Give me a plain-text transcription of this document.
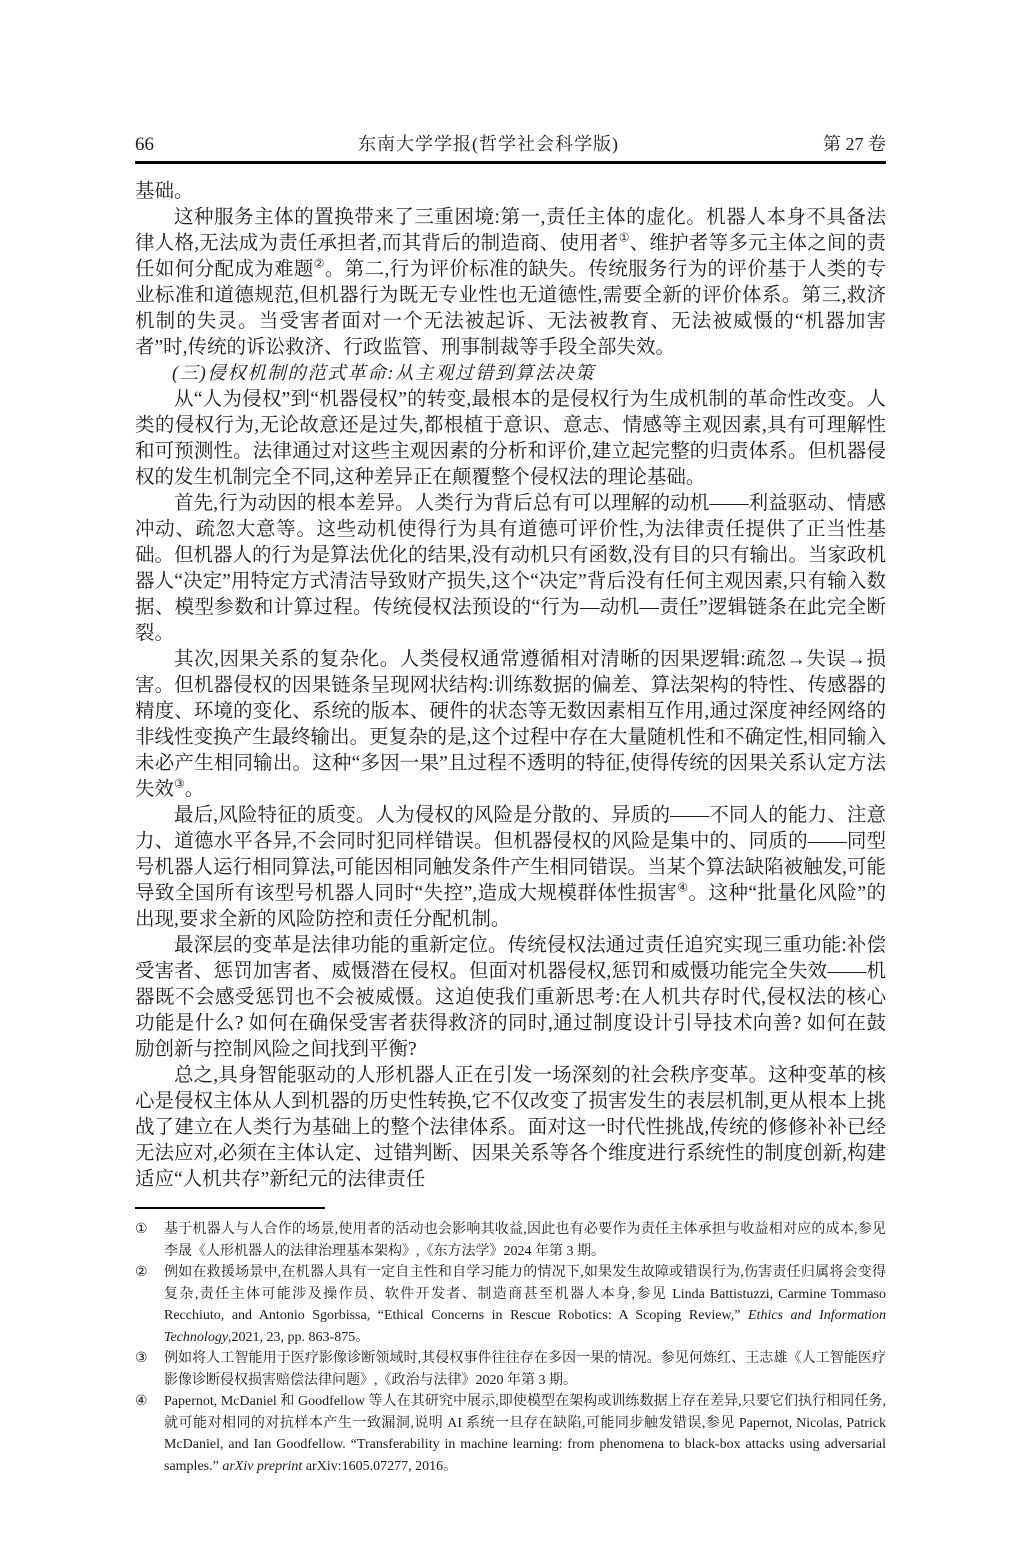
66	东南大学学报(哲学社会科学版)	第 27 卷

基础。

这种服务主体的置换带来了三重困境:第一,责任主体的虚化。机器人本身不具备法律人格,无法成为责任承担者,而其背后的制造商、使用者①、维护者等多元主体之间的责任如何分配成为难题②。第二,行为评价标准的缺失。传统服务行为的评价基于人类的专业标准和道德规范,但机器行为既无专业性也无道德性,需要全新的评价体系。第三,救济机制的失灵。当受害者面对一个无法被起诉、无法被教育、无法被威慑的“机器加害者”时,传统的诉讼救济、行政监管、刑事制裁等手段全部失效。

(三)侵权机制的范式革命:从主观过错到算法决策

从“人为侵权”到“机器侵权”的转变,最根本的是侵权行为生成机制的革命性改变。人类的侵权行为,无论故意还是过失,都根植于意识、意志、情感等主观因素,具有可理解性和可预测性。法律通过对这些主观因素的分析和评价,建立起完整的归责体系。但机器侵权的发生机制完全不同,这种差异正在颠覆整个侵权法的理论基础。

首先,行为动因的根本差异。人类行为背后总有可以理解的动机——利益驱动、情感冲动、疏忽大意等。这些动机使得行为具有道德可评价性,为法律责任提供了正当性基础。但机器人的行为是算法优化的结果,没有动机只有函数,没有目的只有输出。当家政机器人“决定”用特定方式清洁导致财产损失,这个“决定”背后没有任何主观因素,只有输入数据、模型参数和计算过程。传统侵权法预设的“行为—动机—责任”逻辑链条在此完全断裂。

其次,因果关系的复杂化。人类侵权通常遵循相对清晰的因果逻辑:疏忽→失误→损害。但机器侵权的因果链条呈现网状结构:训练数据的偏差、算法架构的特性、传感器的精度、环境的变化、系统的版本、硬件的状态等无数因素相互作用,通过深度神经网络的非线性变换产生最终输出。更复杂的是,这个过程中存在大量随机性和不确定性,相同输入未必产生相同输出。这种“多因一果”且过程不透明的特征,使得传统的因果关系认定方法失效③。

最后,风险特征的质变。人为侵权的风险是分散的、异质的——不同人的能力、注意力、道德水平各异,不会同时犯同样错误。但机器侵权的风险是集中的、同质的——同型号机器人运行相同算法,可能因相同触发条件产生相同错误。当某个算法缺陷被触发,可能导致全国所有该型号机器人同时“失控”,造成大规模群体性损害④。这种“批量化风险”的出现,要求全新的风险防控和责任分配机制。

最深层的变革是法律功能的重新定位。传统侵权法通过责任追究实现三重功能:补偿受害者、惩罚加害者、威慑潜在侵权。但面对机器侵权,惩罚和威慑功能完全失效——机器既不会感受惩罚也不会被威慑。这迫使我们重新思考:在人机共存时代,侵权法的核心功能是什么? 如何在确保受害者获得救济的同时,通过制度设计引导技术向善? 如何在鼓励创新与控制风险之间找到平衡?

总之,具身智能驱动的人形机器人正在引发一场深刻的社会秩序变革。这种变革的核心是侵权主体从人到机器的历史性转换,它不仅改变了损害发生的表层机制,更从根本上挑战了建立在人类行为基础上的整个法律体系。面对这一时代性挑战,传统的修修补补已经无法应对,必须在主体认定、过错判断、因果关系等各个维度进行系统性的制度创新,构建适应“人机共存”新纪元的法律责任

① 基于机器人与人合作的场景,使用者的活动也会影响其收益,因此也有必要作为责任主体承担与收益相对应的成本,参见李晟《人形机器人的法律治理基本架构》,《东方法学》2024 年第 3 期。
② 例如在救援场景中,在机器人具有一定自主性和自学习能力的情况下,如果发生故障或错误行为,伤害责任归属将会变得复杂,责任主体可能涉及操作员、软件开发者、制造商甚至机器人本身,参见 Linda Battistuzzi, Carmine Tommaso Recchiuto, and Antonio Sgorbissa, “Ethical Concerns in Rescue Robotics: A Scoping Review,” Ethics and Information Technology,2021, 23, pp. 863-875。
③ 例如将人工智能用于医疗影像诊断领域时,其侵权事件往往存在多因一果的情况。参见何炼红、王志雄《人工智能医疗影像诊断侵权损害赔偿法律问题》,《政治与法律》2020 年第 3 期。
④ Papernot, McDaniel 和 Goodfellow 等人在其研究中展示,即使模型在架构或训练数据上存在差异,只要它们执行相同任务,就可能对相同的对抗样本产生一致漏洞,说明 AI 系统一旦存在缺陷,可能同步触发错误,参见 Papernot, Nicolas, Patrick McDaniel, and Ian Goodfellow. “Transferability in machine learning: from phenomena to black-box attacks using adversarial samples.” arXiv preprint arXiv:1605.07277, 2016。
